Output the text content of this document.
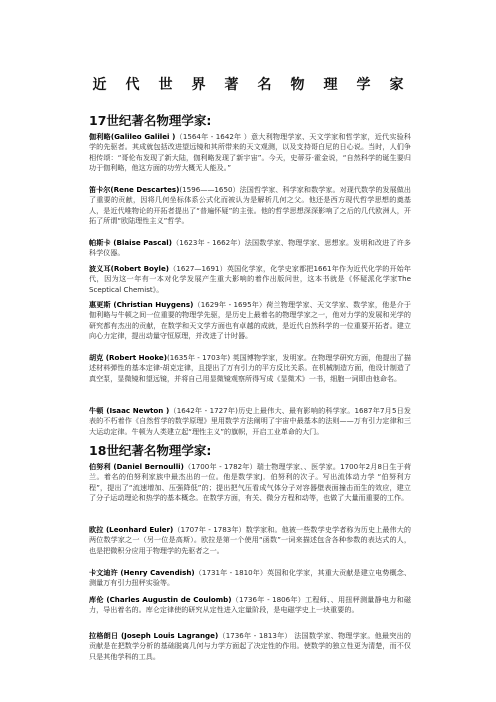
近代世界著名物理学家
17世纪著名物理学家:
伽利略(Galileo Galilei )（1564年 - 1642年 ）意大利物理学家、天文学家和哲学家，近代实验科学的先驱者。其成就包括改进望远镜和其所带来的天文观测，以及支持哥白尼的日心说。当时，人们争相传颂：“哥伦布发现了新大陆，伽利略发现了新宇宙”。今天，史蒂芬·霍金说，“自然科学的诞生要归功于伽利略，他这方面的功劳大概无人能及。”
笛卡尔(Rene Descartes)(1596——1650）法国哲学家、科学家和数学家。对现代数学的发展做出了重要的贡献，因将几何坐标体系公式化而被认为是解析几何之父。他还是西方现代哲学思想的奠基人，是近代唯物论的开拓者提出了“普遍怀疑”的主张。他的哲学思想深深影响了之后的几代欧洲人，开拓了所谓“欧陆理性主义”哲学。
帕斯卡 (Blaise Pascal)（1623年 - 1662年）法国数学家、物理学家、思想家。发明和改进了许多科学仪器。
波义耳(Robert Boyle)（1627—1691）英国化学家，化学史家都把1661年作为近代化学的开始年代，因为这一年有一本对化学发展产生重大影响的着作出版问世，这本书就是《怀疑派化学家The Sceptical Chemist》。
惠更斯 (Christian Huygens)（1629年 - 1695年）荷兰物理学家、天文学家、数学家，他是介于伽利略与牛顿之间一位重要的物理学先驱，是历史上最着名的物理学家之一，他对力学的发展和光学的研究都有杰出的贡献，在数学和天文学方面也有卓越的成就，是近代自然科学的一位重要开拓者。建立向心力定律，提出动量守恒原理，并改进了计时器。
胡克 (Robert Hooke)(1635年 - 1703年) 英国博物学家，发明家。在物理学研究方面，他提出了描述材料弹性的基本定律-胡克定律，且提出了万有引力的平方反比关系。在机械制造方面，他设计制造了真空泵，显微镜和望远镜，并将自己用显微镜观察所得写成《显微术》一书，细胞一词即由他命名。
牛顿 (Isaac Newton )（1642年 - 1727年)历史上最伟大、最有影响的科学家。1687年7月5日发表的不朽着作《自然哲学的数学原理》里用数学方法阐明了宇宙中最基本的法则——万有引力定律和三大运动定律。牛顿为人类建立起“理性主义”的旗帜，开启工业革命的大门。
18世纪著名物理学家:
伯努利 (Daniel Bernoulli)（1700年 - 1782年）瑞士物理学家、、医学家。1700年2月8日生于荷兰。着名的伯努利家族中最杰出的一位。他是数学家J．伯努利的次子。写出流体动力学 “伯努利方程”，提出了“流速增加、压强降低”的；提出把气压看成气体分子对容器壁表面撞击而生的效应，建立了分子运动理论和热学的基本概念。在数学方面，有关、微分方程和动等，也做了大量而重要的工作。
欧拉 (Leonhard Euler)（1707年 - 1783年）数学家和。他被一些数学史学者称为历史上最伟大的两位数学家之一（另一位是高斯）。欧拉是第一个使用“函数”一词来描述包含各种参数的表达式的人，也是把微积分应用于物理学的先驱者之一。
卡文迪许 (Henry Cavendish)（1731年 - 1810年）英国和化学家，其重大贡献是建立电势概念、测量万有引力扭秤实验等。
库伦 (Charles Augustin de Coulomb)（1736年 - 1806年）工程师、、用扭秤测量静电力和磁力，导出着名的。库仑定律使的研究从定性进入定量阶段，是电磁学史上一块重要的。
拉格朗日 (Joseph Louis Lagrange)（1736年 - 1813年） 法国数学家、物理学家。他最突出的贡献是在把数学分析的基础脱离几何与力学方面起了决定性的作用。使数学的独立性更为清楚，而不仅只是其他学科的工具。
